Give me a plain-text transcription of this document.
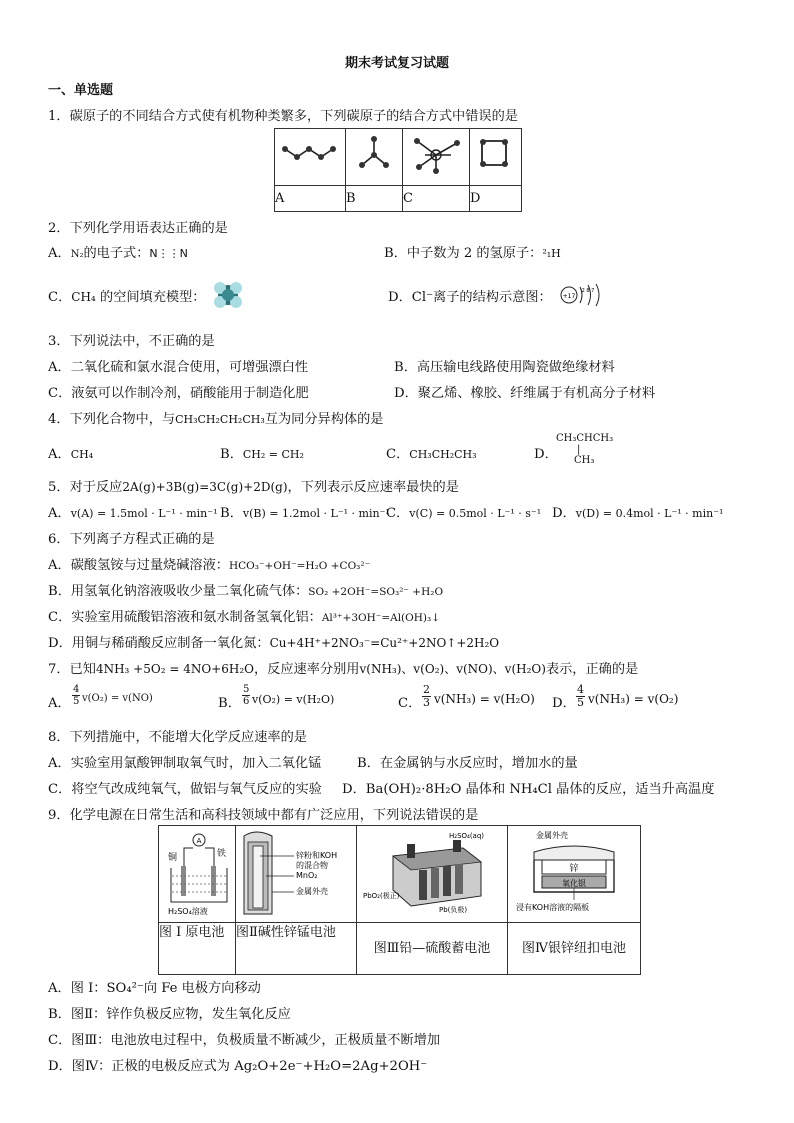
期末考试复习试题
一、单选题
1．碳原子的不同结合方式使有机物种类繁多，下列碳原子的结合方式中错误的是

A	B	C	D
2．下列化学用语表达正确的是
A．N₂的电子式：N⋮⋮N	B．中子数为 2 的氢原子：²₁H
C．CH₄ 的空间填充模型：	D．Cl⁻离子的结构示意图： +17
2 8 7
3．下列说法中，不正确的是
A．二氧化硫和氯水混合使用，可增强漂白性	B．高压输电线路使用陶瓷做绝缘材料
C．液氨可以作制冷剂，硝酸能用于制造化肥	D．聚乙烯、橡胶、纤维属于有机高分子材料
4．下列化合物中，与CH₃CH₂CH₂CH₃互为同分异构体的是
A．CH₄	B．CH₂ = CH₂	C．CH₃CH₂CH₃	D．
CH₃CHCH₃
|
CH₃
5．对于反应2A(g)+3B(g)=3C(g)+2D(g)，下列表示反应速率最快的是
A．v(A) = 1.5mol · L⁻¹ · min⁻¹ B．v(B) = 1.2mol · L⁻¹ · min⁻¹
C．v(C) = 0.5mol · L⁻¹ · s⁻¹ D．v(D) = 0.4mol · L⁻¹ · min⁻¹
6．下列离子方程式正确的是
A．碳酸氢铵与过量烧碱溶液：HCO₃⁻+OH⁻=H₂O +CO₃²⁻
B．用氢氧化钠溶液吸收少量二氧化硫气体：SO₂ +2OH⁻=SO₃²⁻ +H₂O
C．实验室用硫酸铝溶液和氨水制备氢氧化铝：Al³⁺+3OH⁻=Al(OH)₃↓
D．用铜与稀硝酸反应制备一氧化氮：Cu+4H⁺+2NO₃⁻=Cu²⁺+2NO↑+2H₂O
7．已知4NH₃ +5O₂ = 4NO+6H₂O，反应速率分别用v(NH₃)、v(O₂)、v(NO)、v(H₂O)表示，正确的是
A． $\frac{4}{5} v(O_2) = v(NO)$	B． $\frac{5}{6} v(O_2) = v(H_2O)$	C． $\frac{2}{3} v(NH_3) = v(H_2O)$ D． $\frac{4}{5} v(NH_3) = v(O_2)$
8．下列措施中，不能增大化学反应速率的是
A．实验室用氯酸钾制取氧气时，加入二氧化锰	B．在金属钠与水反应时，增加水的量
C．将空气改成纯氧气，做铝与氧气反应的实验 D．Ba(OH)₂·8H₂O 晶体和 NH₄Cl 晶体的反应，适当升高温度
9．化学电源在日常生活和高科技领域中都有广泛应用，下列说法错误的是
A
铜 铁
H₂SO₄溶液	锌粉和KOH
的混合物
MnO₂
金属外壳	H₂SO₄(aq)
PbO₂(极正)
Pb(负极)	金属外壳
锌
氧化银
浸有KOH溶液的隔板

图 I 原电池	图Ⅱ碱性锌锰电池	图Ⅲ铅—硫酸蓄电池	图Ⅳ银锌纽扣电池
A．图 I：SO₄²⁻向 Fe 电极方向移动
B．图Ⅱ：锌作负极反应物，发生氧化反应
C．图Ⅲ：电池放电过程中，负极质量不断减少，正极质量不断增加
D．图Ⅳ：正极的电极反应式为 Ag₂O+2e⁻+H₂O=2Ag+2OH⁻
